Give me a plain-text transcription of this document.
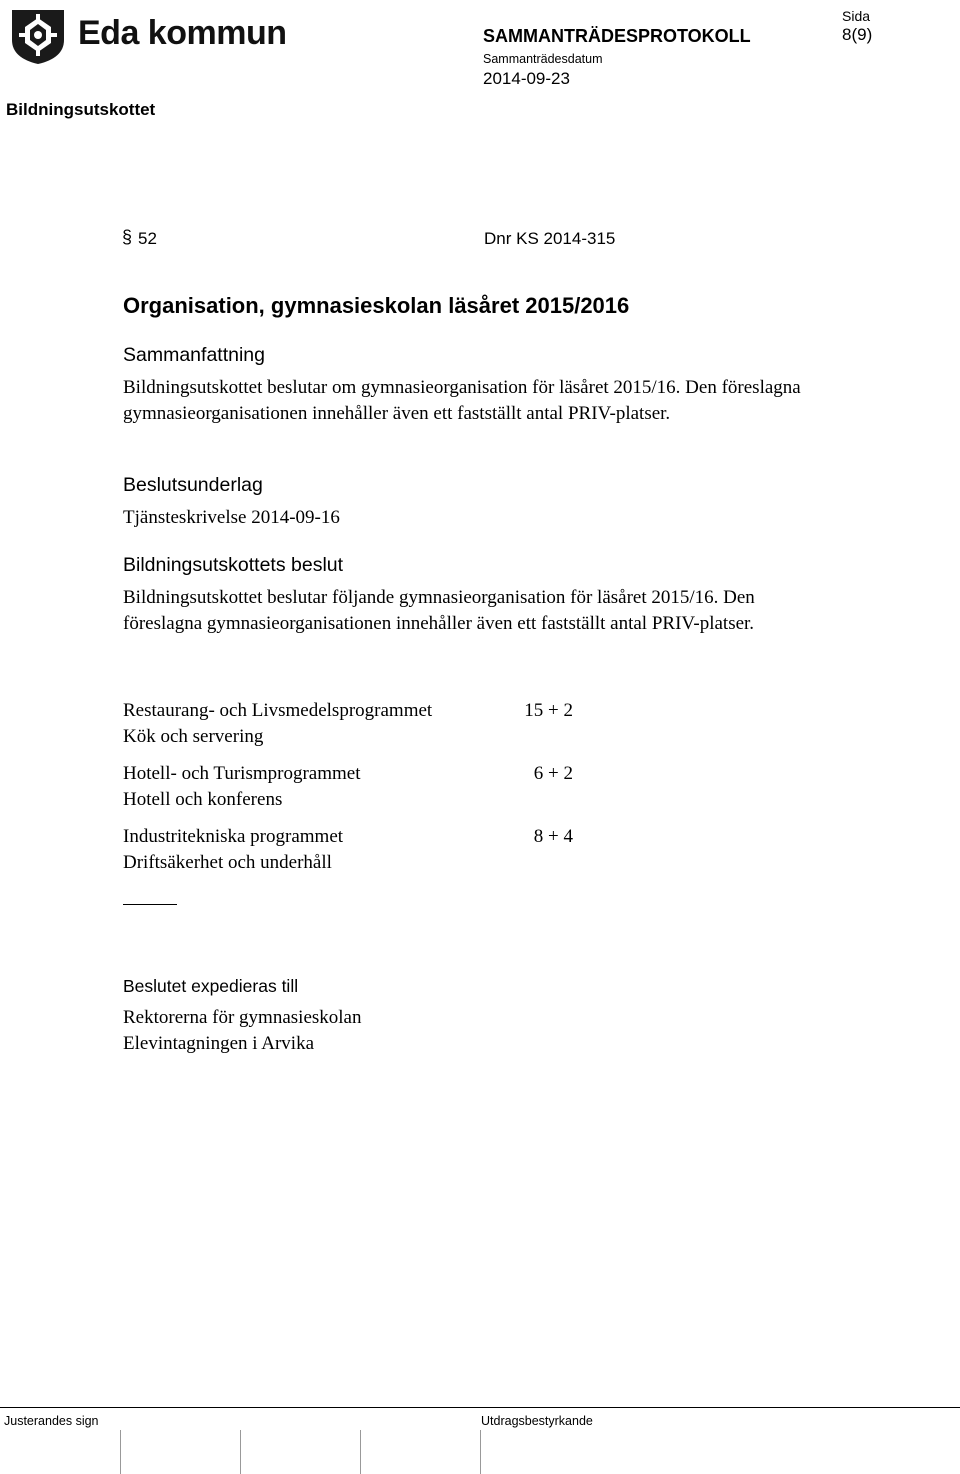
Eda kommun	SAMMANTRÄDESPROTOKOLL
Sammanträdesdatum
2014-09-23
Sida
8(9)
Bildningsutskottet
§ 52	Dnr KS 2014-315
Organisation, gymnasieskolan läsåret 2015/2016
Sammanfattning
Bildningsutskottet beslutar om gymnasieorganisation för läsåret 2015/16. Den föreslagna gymnasieorganisationen innehåller även ett fastställt antal PRIV-platser.
Beslutsunderlag
Tjänsteskrivelse 2014-09-16
Bildningsutskottets beslut
Bildningsutskottet beslutar följande gymnasieorganisation för läsåret 2015/16. Den föreslagna gymnasieorganisationen innehåller även ett fastställt antal PRIV-platser.
Restaurang- och Livsmedelsprogrammet	15 + 2
Kök och servering
Hotell- och Turismprogrammet	6 + 2
Hotell och konferens
Industritekniska programmet	8 + 4
Driftsäkerhet och underhåll
Beslutet expedieras till
Rektorerna för gymnasieskolan
Elevintagningen i Arvika
Justerandes sign	Utdragsbestyrkande
